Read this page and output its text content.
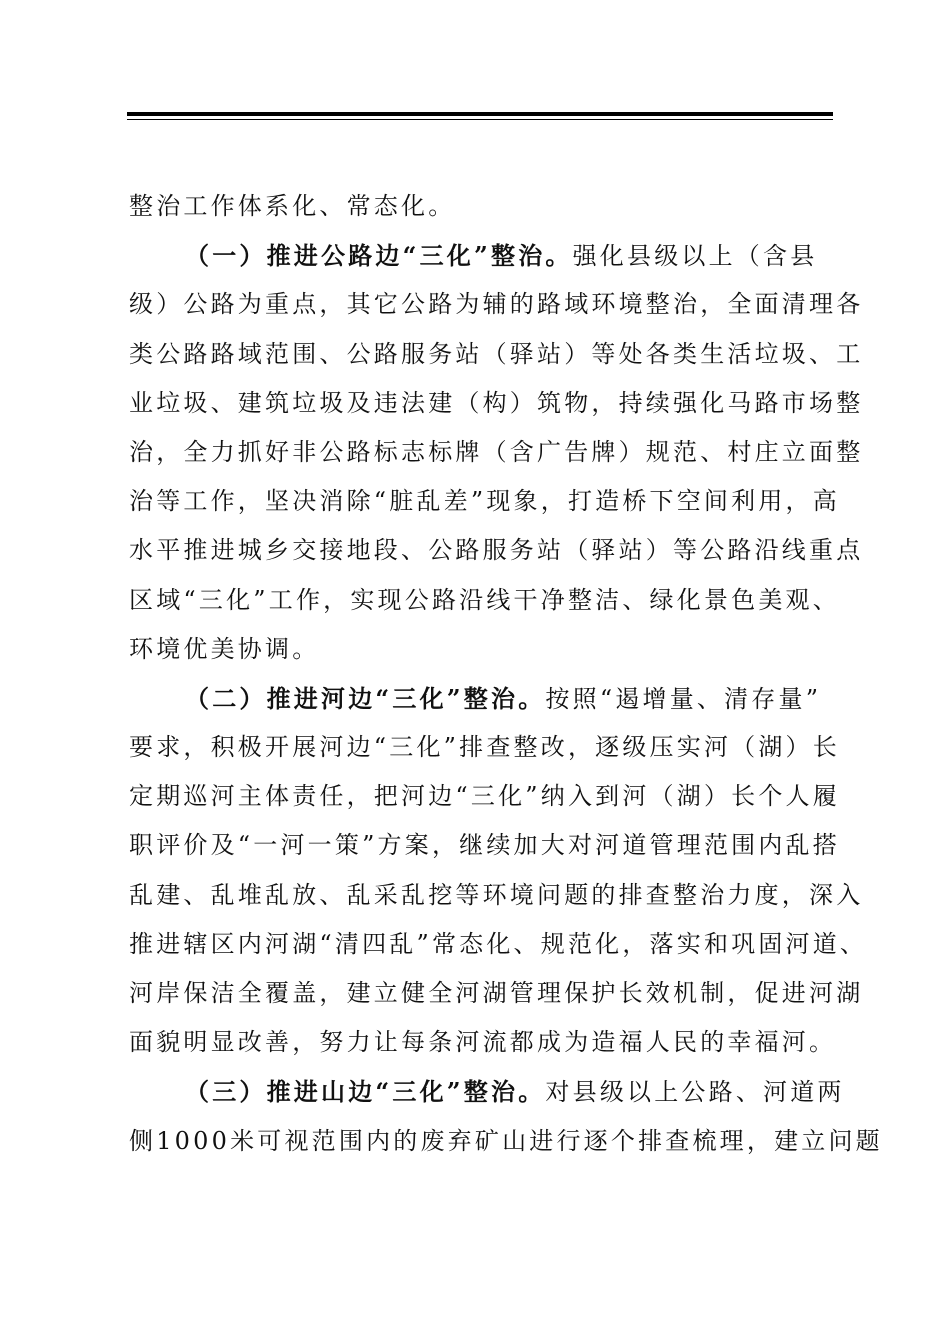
整治工作体系化、常态化。
（一）推进公路边“三化”整治。强化县级以上（含县
级）公路为重点，其它公路为辅的路域环境整治，全面清理各
类公路路域范围、公路服务站（驿站）等处各类生活垃圾、工
业垃圾、建筑垃圾及违法建（构）筑物，持续强化马路市场整
治，全力抓好非公路标志标牌（含广告牌）规范、村庄立面整
治等工作，坚决消除“脏乱差”现象，打造桥下空间利用，高
水平推进城乡交接地段、公路服务站（驿站）等公路沿线重点
区域“三化”工作，实现公路沿线干净整洁、绿化景色美观、
环境优美协调。
（二）推进河边“三化”整治。按照“遏增量、清存量”
要求，积极开展河边“三化”排查整改，逐级压实河（湖）长
定期巡河主体责任，把河边“三化”纳入到河（湖）长个人履
职评价及“一河一策”方案，继续加大对河道管理范围内乱搭
乱建、乱堆乱放、乱采乱挖等环境问题的排查整治力度，深入
推进辖区内河湖“清四乱”常态化、规范化，落实和巩固河道、
河岸保洁全覆盖，建立健全河湖管理保护长效机制，促进河湖
面貌明显改善，努力让每条河流都成为造福人民的幸福河。
（三）推进山边“三化”整治。对县级以上公路、河道两
侧1000米可视范围内的废弃矿山进行逐个排查梳理，建立问题
